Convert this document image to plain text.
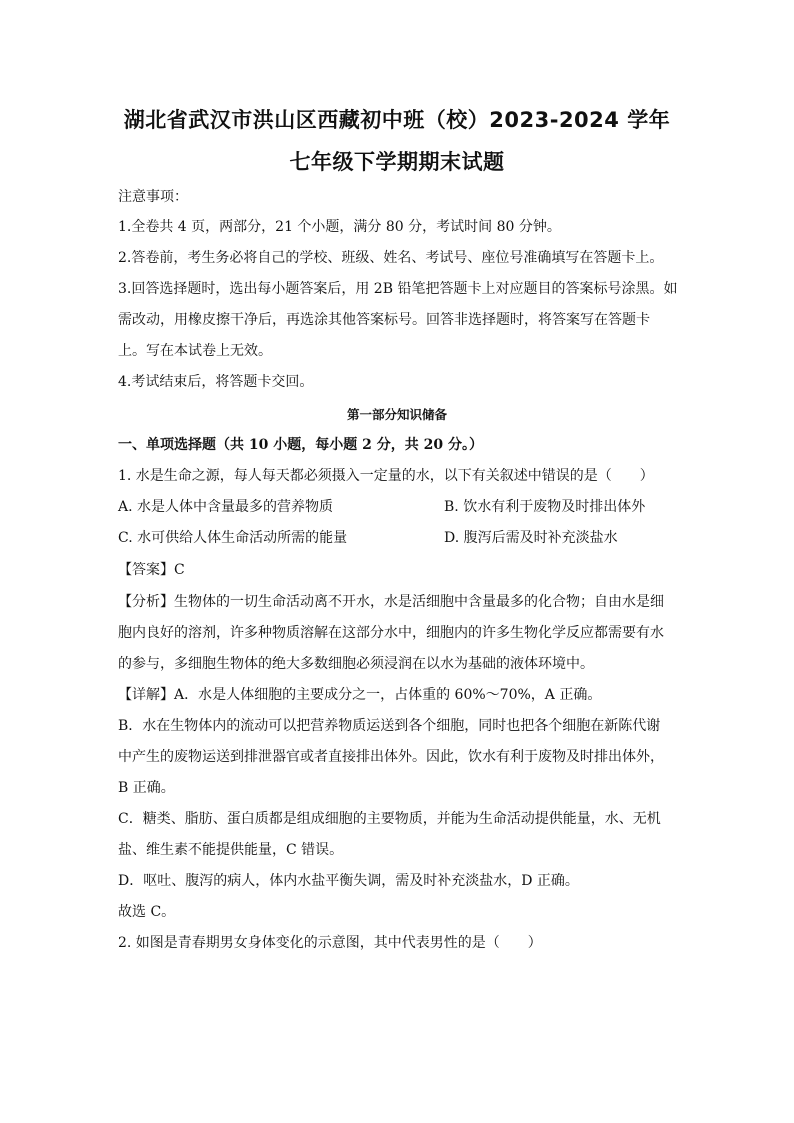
湖北省武汉市洪山区西藏初中班（校）2023-2024 学年
七年级下学期期末试题
注意事项：
1.全卷共 4 页，两部分，21 个小题，满分 80 分，考试时间 80 分钟。
2.答卷前，考生务必将自己的学校、班级、姓名、考试号、座位号准确填写在答题卡上。
3.回答选择题时，选出每小题答案后，用 2B 铅笔把答题卡上对应题目的答案标号涂黑。如
需改动，用橡皮擦干净后，再选涂其他答案标号。回答非选择题时，将答案写在答题卡
上。写在本试卷上无效。
4.考试结束后，将答题卡交回。
第一部分知识储备
一、单项选择题（共 10 小题，每小题 2 分，共 20 分。）
1. 水是生命之源，每人每天都必须摄入一定量的水，以下有关叙述中错误的是（　　）
A. 水是人体中含量最多的营养物质	B. 饮水有利于废物及时排出体外
C. 水可供给人体生命活动所需的能量	D. 腹泻后需及时补充淡盐水
【答案】C
【分析】生物体的一切生命活动离不开水，水是活细胞中含量最多的化合物；自由水是细
胞内良好的溶剂，许多种物质溶解在这部分水中，细胞内的许多生物化学反应都需要有水
的参与，多细胞生物体的绝大多数细胞必须浸润在以水为基础的液体环境中。
【详解】A．水是人体细胞的主要成分之一，占体重的 60%～70%，A 正确。
B．水在生物体内的流动可以把营养物质运送到各个细胞，同时也把各个细胞在新陈代谢
中产生的废物运送到排泄器官或者直接排出体外。因此，饮水有利于废物及时排出体外，
B 正确。
C．糖类、脂肪、蛋白质都是组成细胞的主要物质，并能为生命活动提供能量，水、无机
盐、维生素不能提供能量，C 错误。
D．呕吐、腹泻的病人，体内水盐平衡失调，需及时补充淡盐水，D 正确。
故选 C。
2. 如图是青春期男女身体变化的示意图，其中代表男性的是（　　）
